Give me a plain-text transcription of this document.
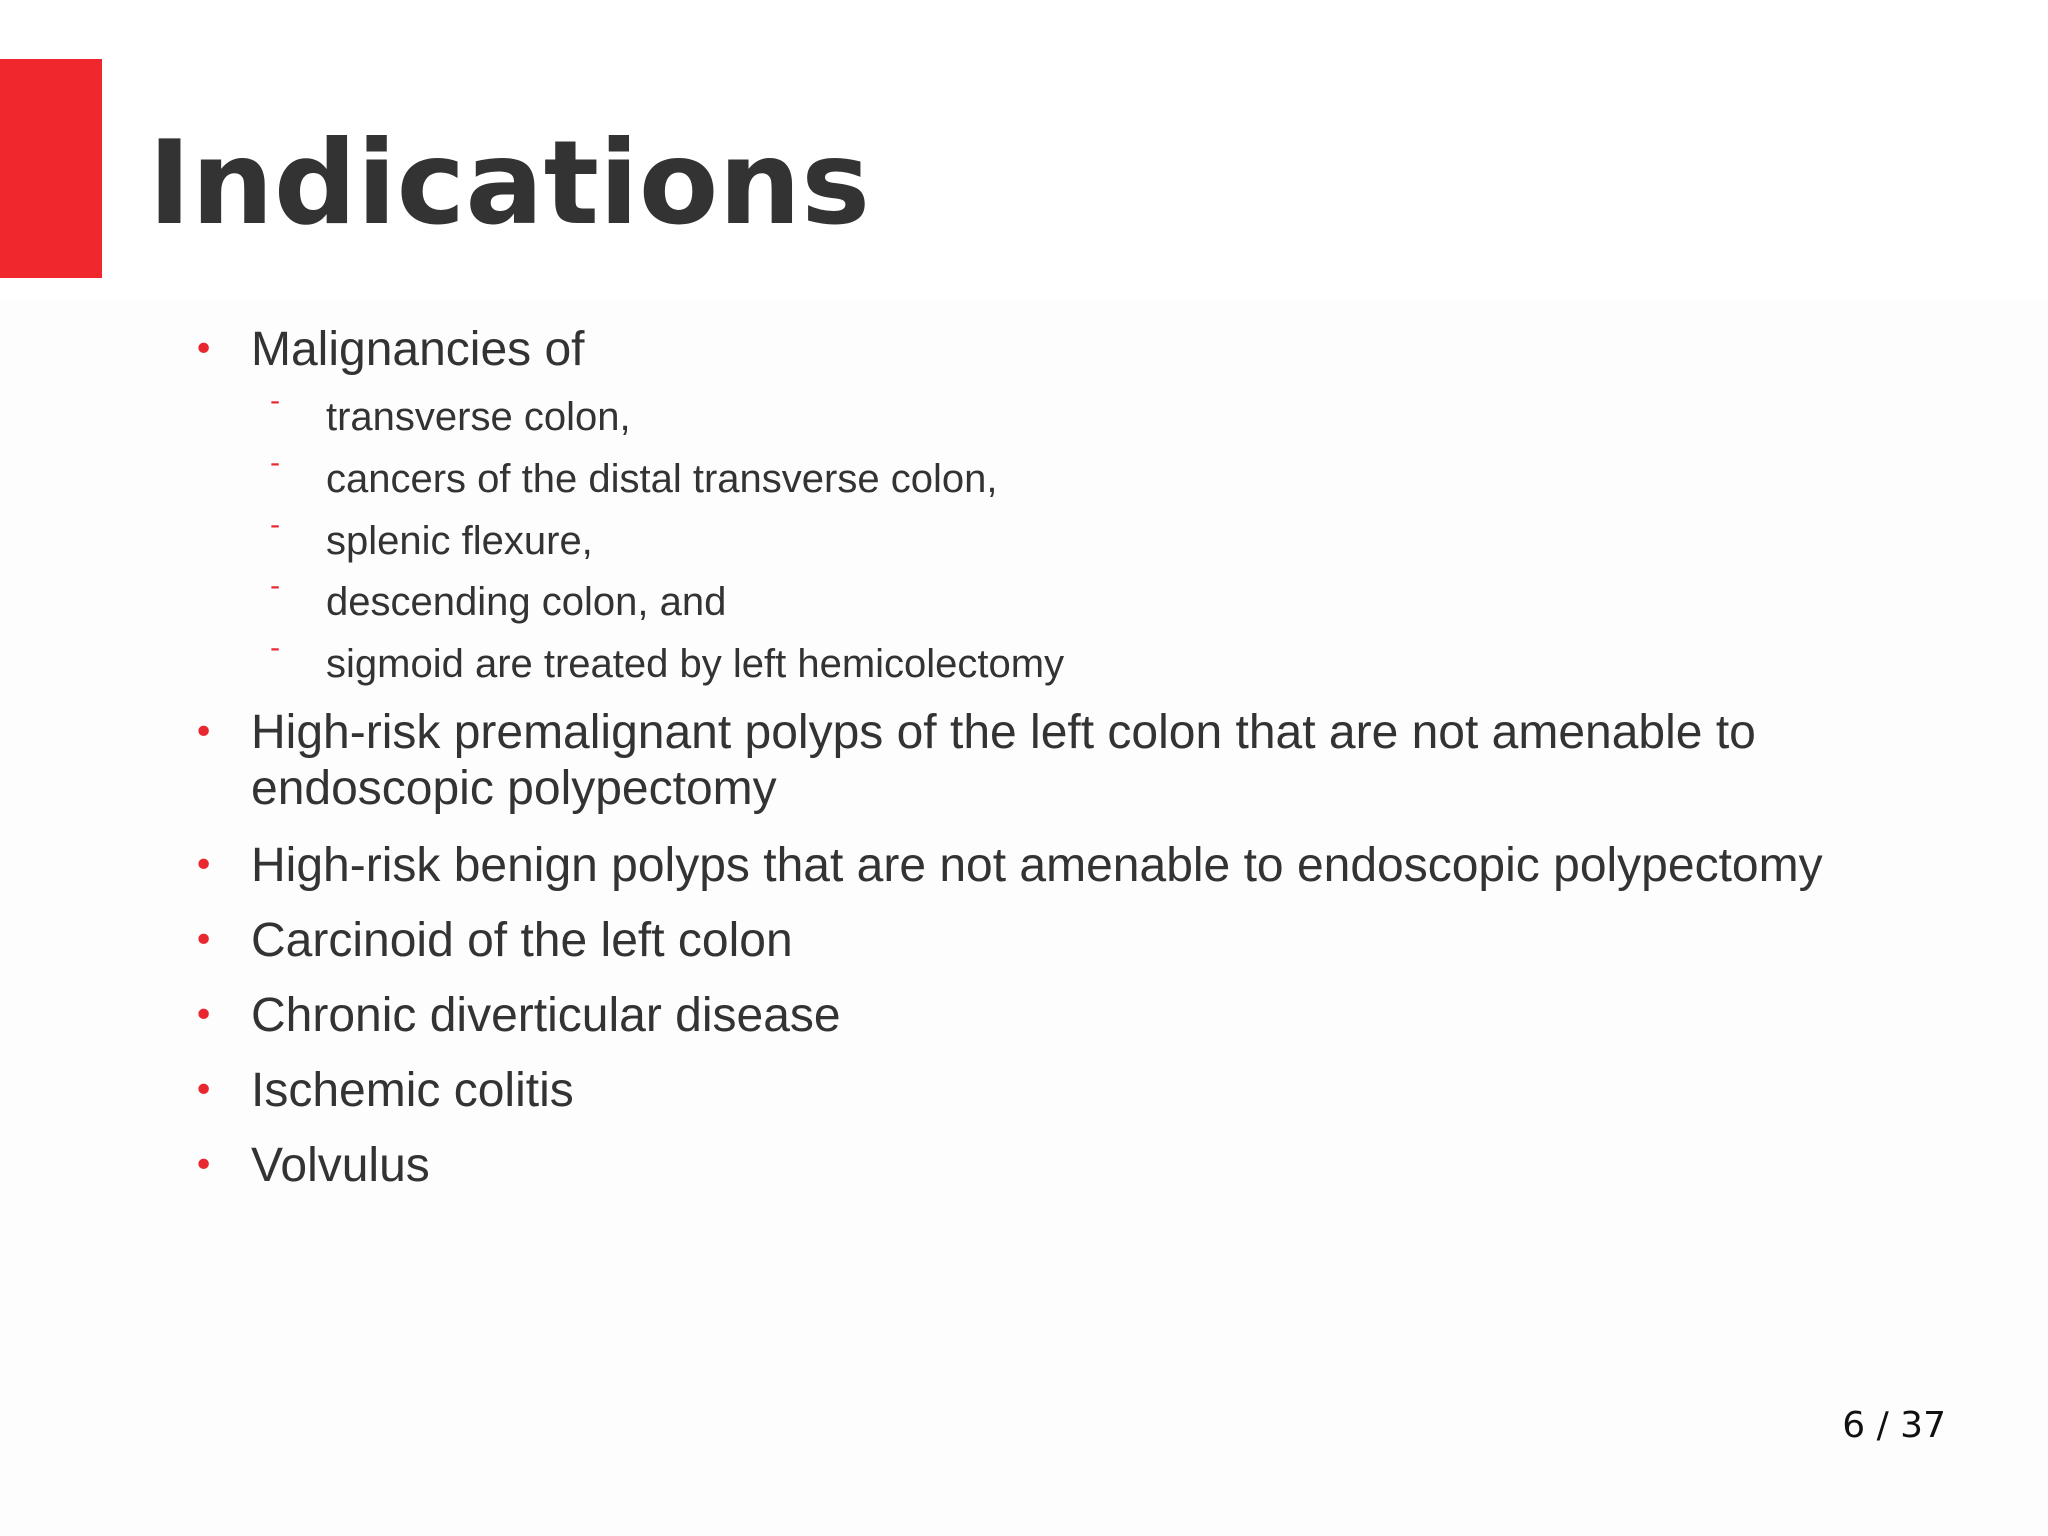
Indications
• Malignancies of
- transverse colon,
- cancers of the distal transverse colon,
- splenic flexure,
- descending colon, and
- sigmoid are treated by left hemicolectomy
• High-risk premalignant polyps of the left colon that are not amenable to
endoscopic polypectomy
• High-risk benign polyps that are not amenable to endoscopic polypectomy
• Carcinoid of the left colon
• Chronic diverticular disease
• Ischemic colitis
• Volvulus
6 / 37
